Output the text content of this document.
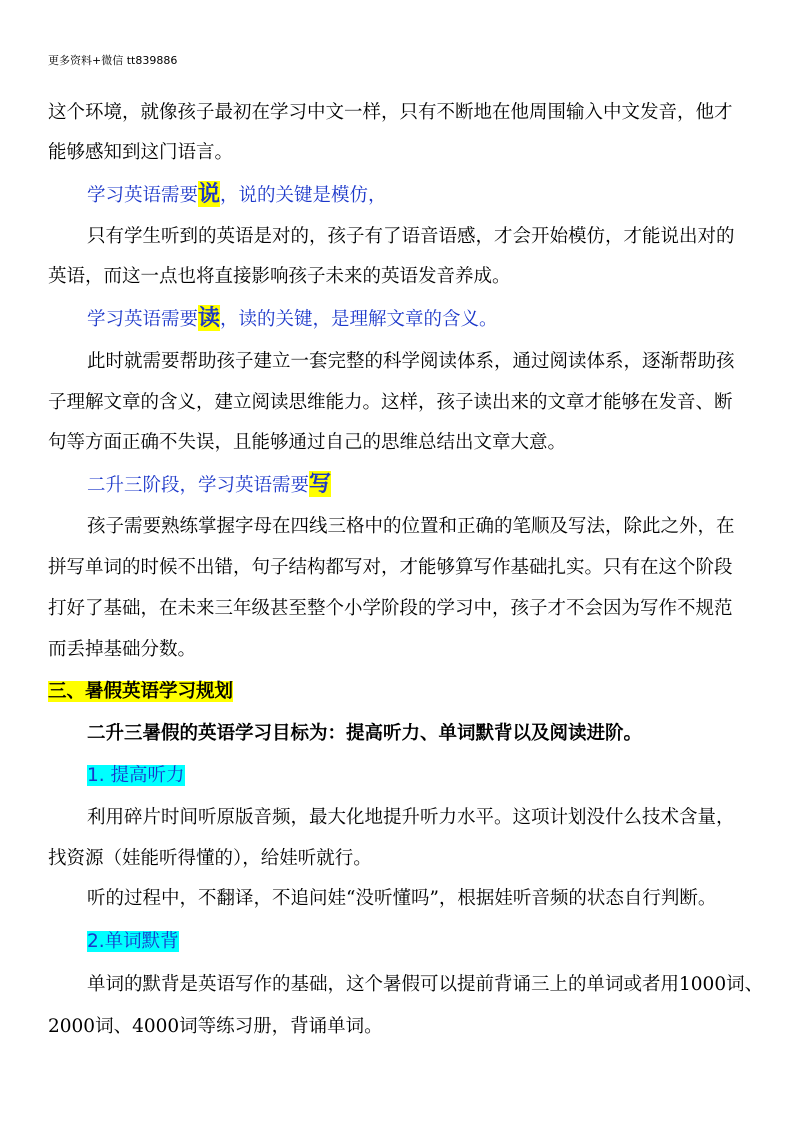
更多资料+微信 tt839886
这个环境，就像孩子最初在学习中文一样，只有不断地在他周围输入中文发音，他才
能够感知到这门语言。
学习英语需要说，说的关键是模仿，
只有学生听到的英语是对的，孩子有了语音语感，才会开始模仿，才能说出对的
英语，而这一点也将直接影响孩子未来的英语发音养成。
学习英语需要读，读的关键，是理解文章的含义。
此时就需要帮助孩子建立一套完整的科学阅读体系，通过阅读体系，逐渐帮助孩
子理解文章的含义，建立阅读思维能力。这样，孩子读出来的文章才能够在发音、断
句等方面正确不失误，且能够通过自己的思维总结出文章大意。
二升三阶段，学习英语需要写
孩子需要熟练掌握字母在四线三格中的位置和正确的笔顺及写法，除此之外，在
拼写单词的时候不出错，句子结构都写对，才能够算写作基础扎实。只有在这个阶段
打好了基础，在未来三年级甚至整个小学阶段的学习中，孩子才不会因为写作不规范
而丢掉基础分数。
三、暑假英语学习规划
二升三暑假的英语学习目标为：提高听力、单词默背以及阅读进阶。
1. 提高听力
利用碎片时间听原版音频，最大化地提升听力水平。这项计划没什么技术含量，
找资源（娃能听得懂的），给娃听就行。
听的过程中，不翻译，不追问娃“没听懂吗”，根据娃听音频的状态自行判断。
2.单词默背
单词的默背是英语写作的基础，这个暑假可以提前背诵三上的单词或者用1000词、
2000词、4000词等练习册，背诵单词。
